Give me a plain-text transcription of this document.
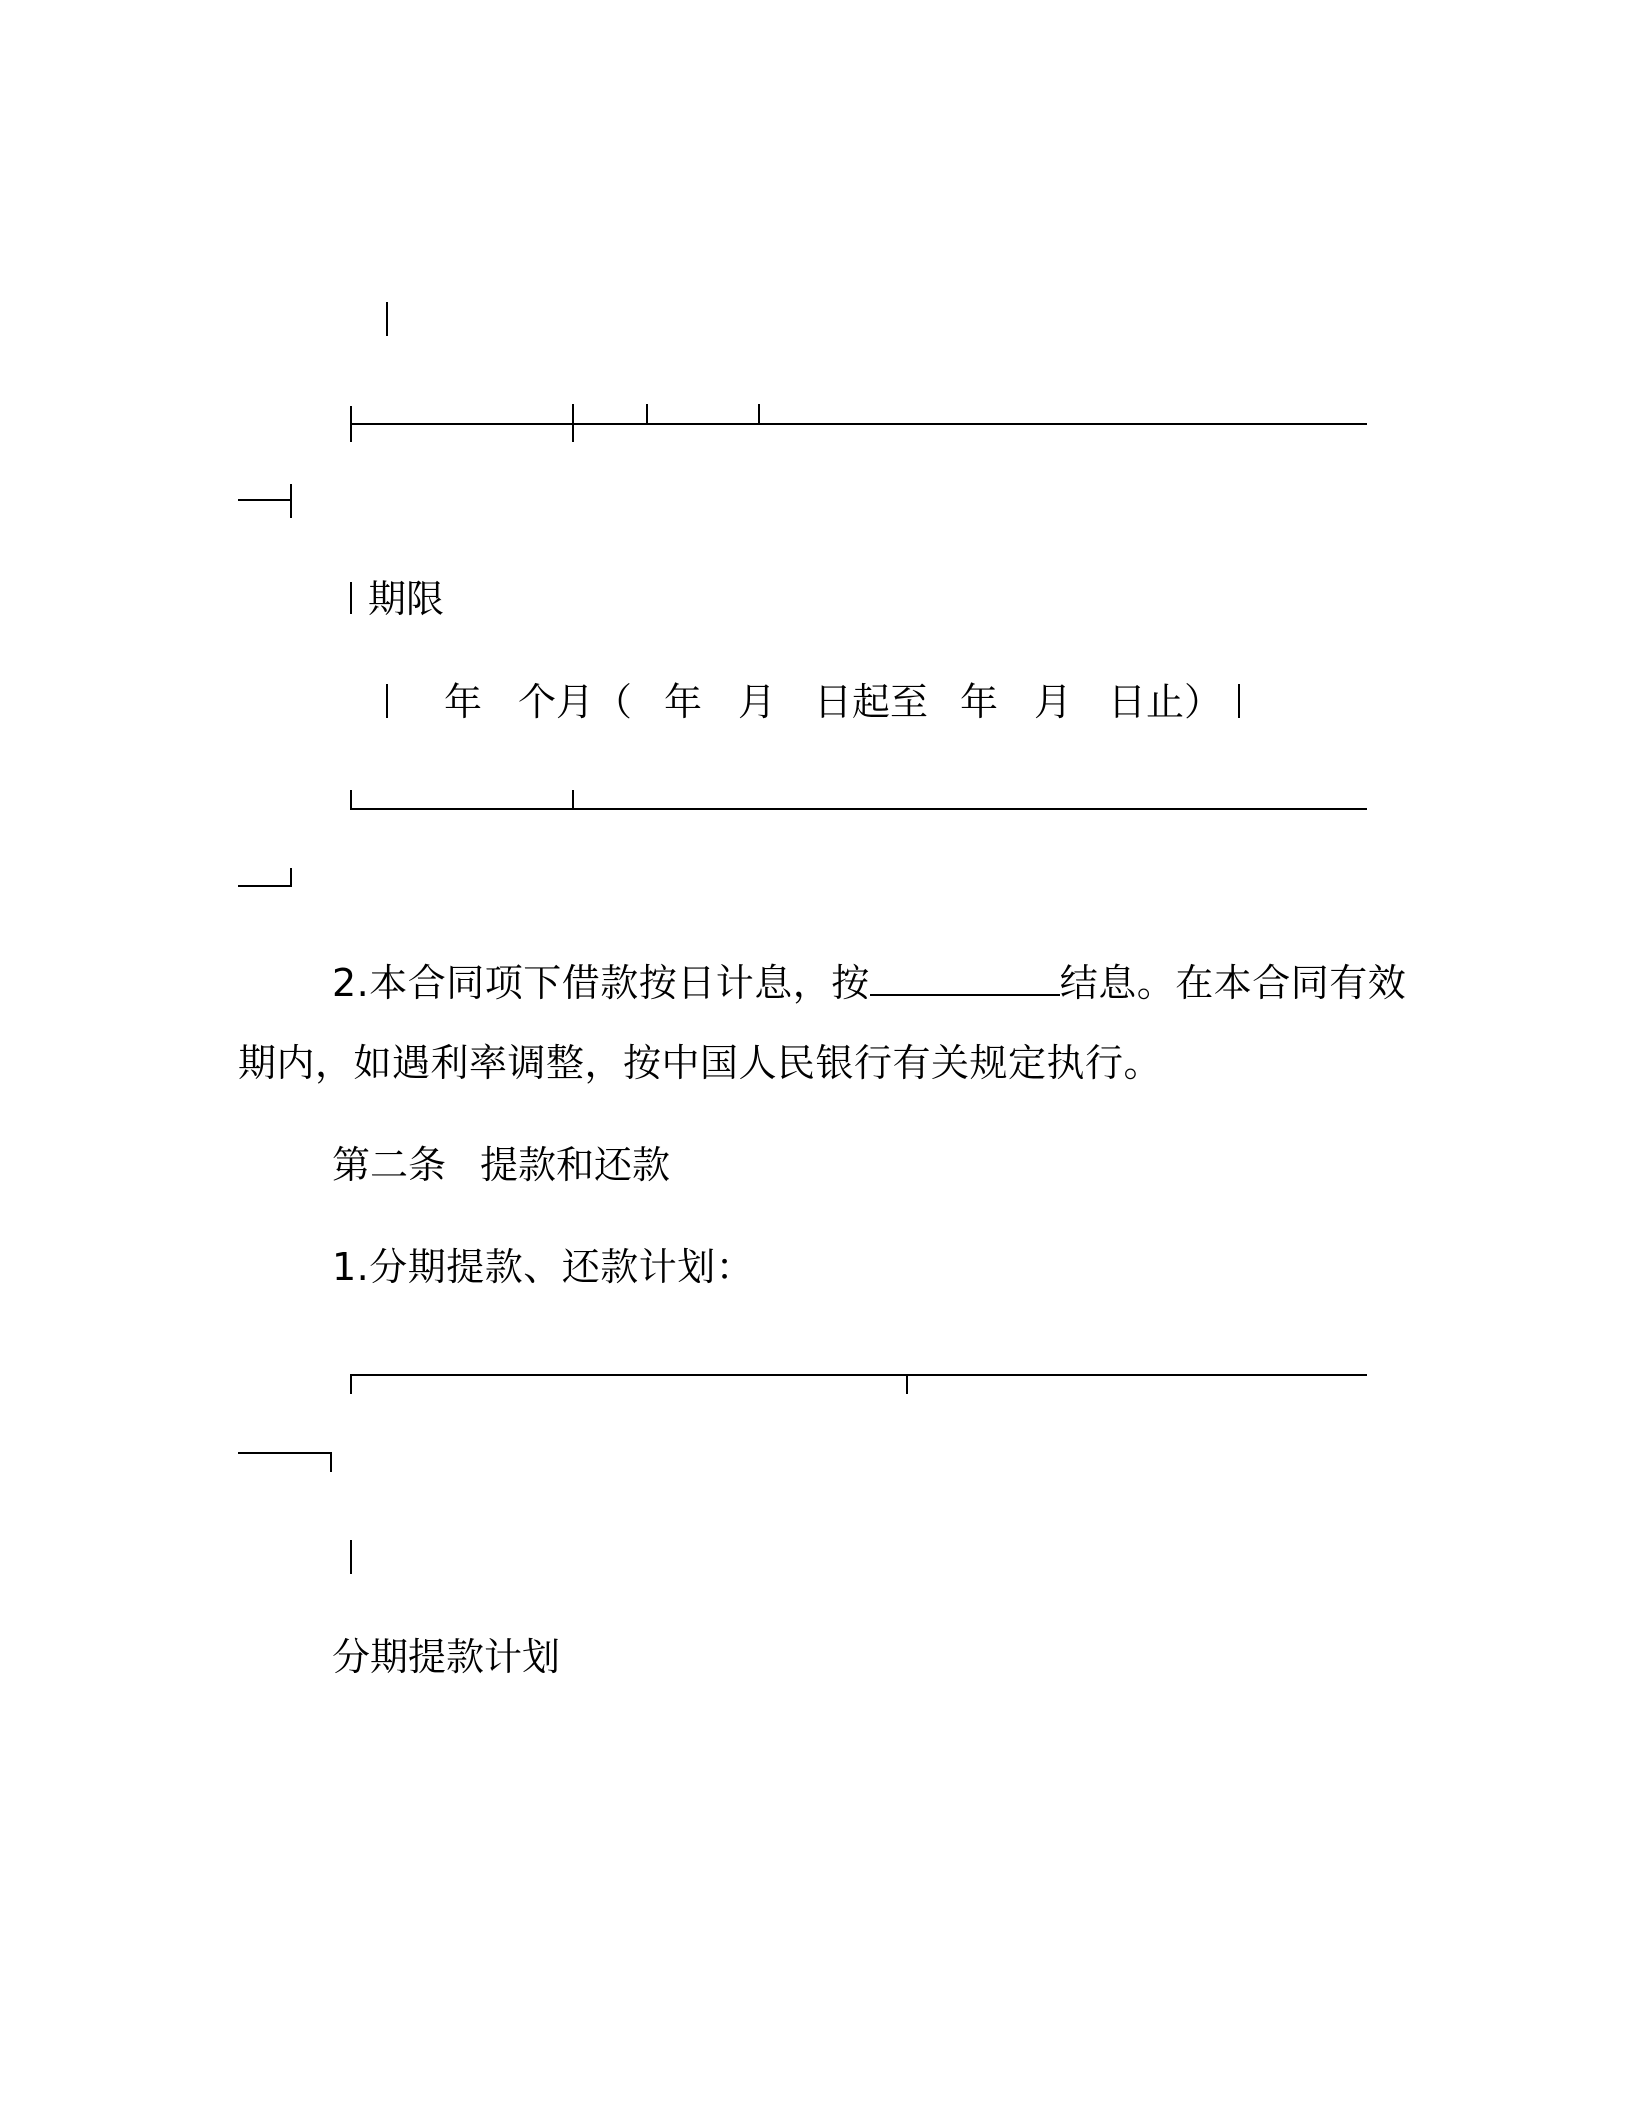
期限
年 个月（ 年 月 日起至 年 月 日止）
2.本合同项下借款按日计息，按	结息。在本合同有效
期内，如遇利率调整，按中国人民银行有关规定执行。
第二条 提款和还款
1.分期提款、还款计划：
分期提款计划
